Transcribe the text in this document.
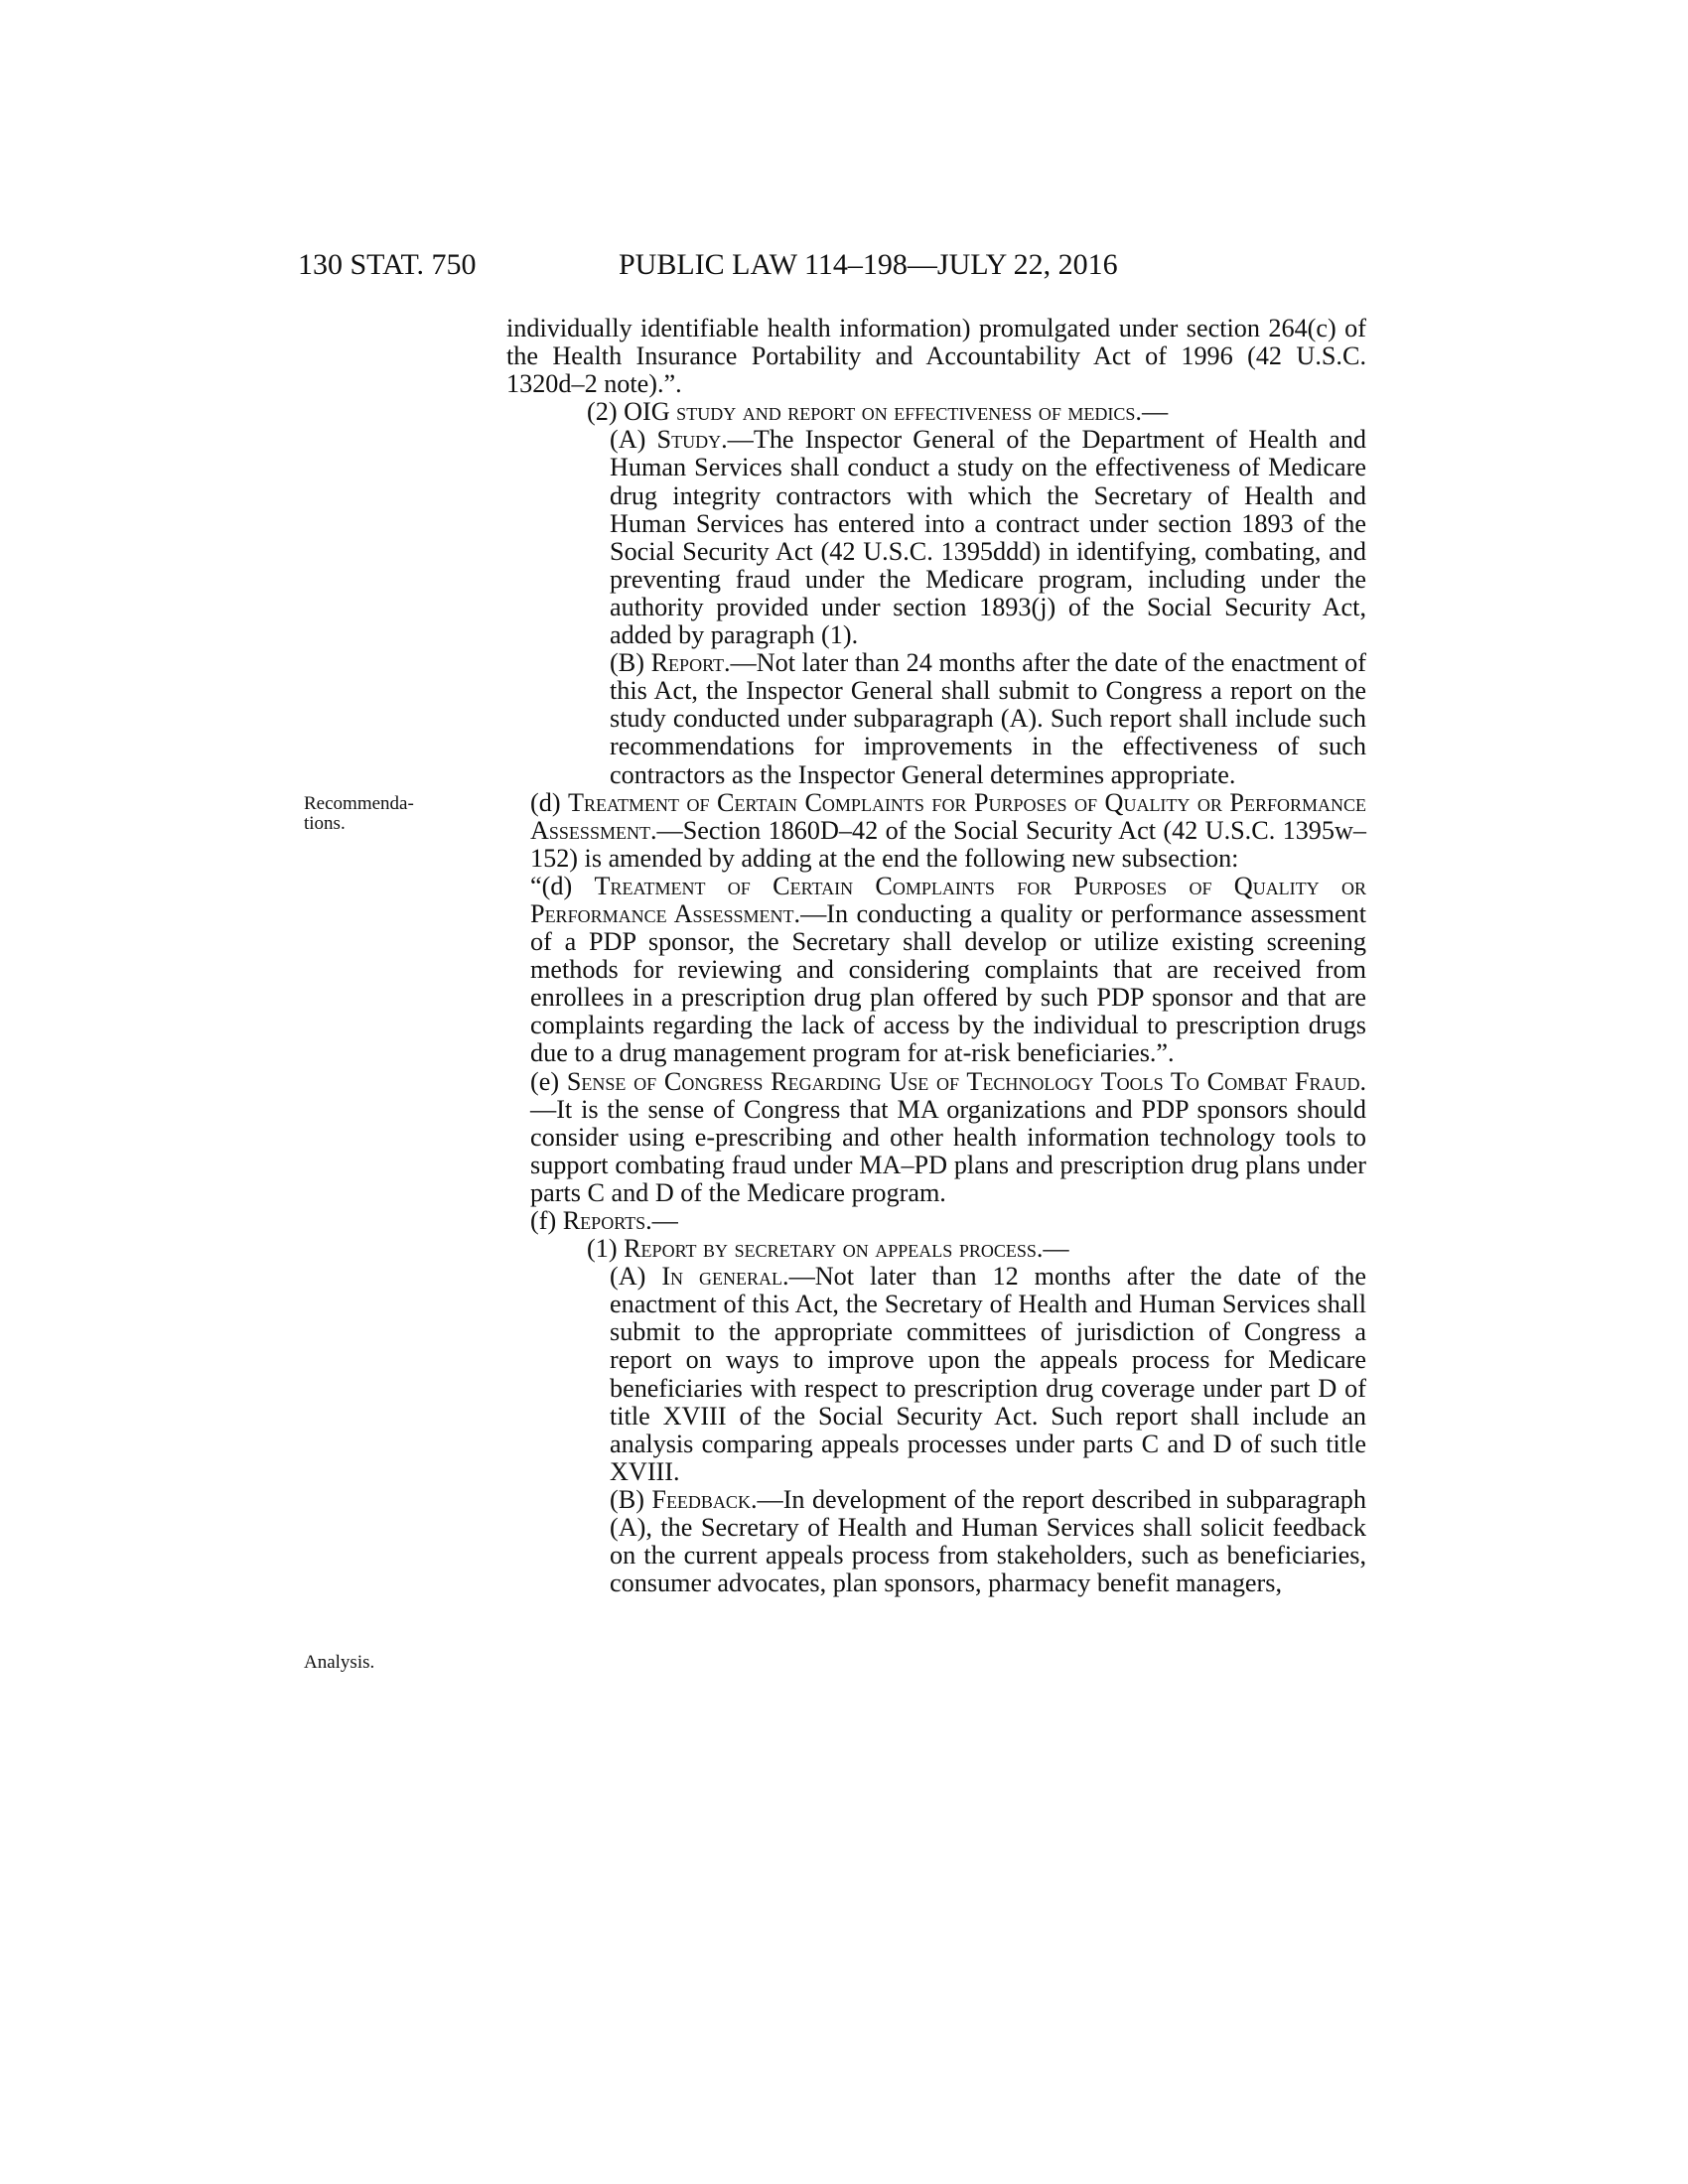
130 STAT. 750	PUBLIC LAW 114–198—JULY 22, 2016
Recommenda- tions.
Analysis.

individually identifiable health information) promulgated under section 264(c) of the Health Insurance Portability and Accountability Act of 1996 (42 U.S.C. 1320d–2 note).”.

(2) OIG study and report on effectiveness of medics.—

(A) Study.—The Inspector General of the Department of Health and Human Services shall conduct a study on the effectiveness of Medicare drug integrity contractors with which the Secretary of Health and Human Services has entered into a contract under section 1893 of the Social Security Act (42 U.S.C. 1395ddd) in identifying, combating, and preventing fraud under the Medicare program, including under the authority provided under section 1893(j) of the Social Security Act, added by paragraph (1).

(B) Report.—Not later than 24 months after the date of the enactment of this Act, the Inspector General shall submit to Congress a report on the study conducted under subparagraph (A). Such report shall include such recommendations for improvements in the effectiveness of such contractors as the Inspector General determines appropriate.

(d) Treatment of Certain Complaints for Purposes of Quality or Performance Assessment.—Section 1860D–42 of the Social Security Act (42 U.S.C. 1395w–152) is amended by adding at the end the following new subsection:

“(d) Treatment of Certain Complaints for Purposes of Quality or Performance Assessment.—In conducting a quality or performance assessment of a PDP sponsor, the Secretary shall develop or utilize existing screening methods for reviewing and considering complaints that are received from enrollees in a prescription drug plan offered by such PDP sponsor and that are complaints regarding the lack of access by the individual to prescription drugs due to a drug management program for at-risk beneficiaries.”.

(e) Sense of Congress Regarding Use of Technology Tools To Combat Fraud.—It is the sense of Congress that MA organizations and PDP sponsors should consider using e-prescribing and other health information technology tools to support combating fraud under MA–PD plans and prescription drug plans under parts C and D of the Medicare program.

(f) Reports.—

(1) Report by secretary on appeals process.—

(A) In general.—Not later than 12 months after the date of the enactment of this Act, the Secretary of Health and Human Services shall submit to the appropriate committees of jurisdiction of Congress a report on ways to improve upon the appeals process for Medicare beneficiaries with respect to prescription drug coverage under part D of title XVIII of the Social Security Act. Such report shall include an analysis comparing appeals processes under parts C and D of such title XVIII.

(B) Feedback.—In development of the report described in subparagraph (A), the Secretary of Health and Human Services shall solicit feedback on the current appeals process from stakeholders, such as beneficiaries, consumer advocates, plan sponsors, pharmacy benefit managers,
